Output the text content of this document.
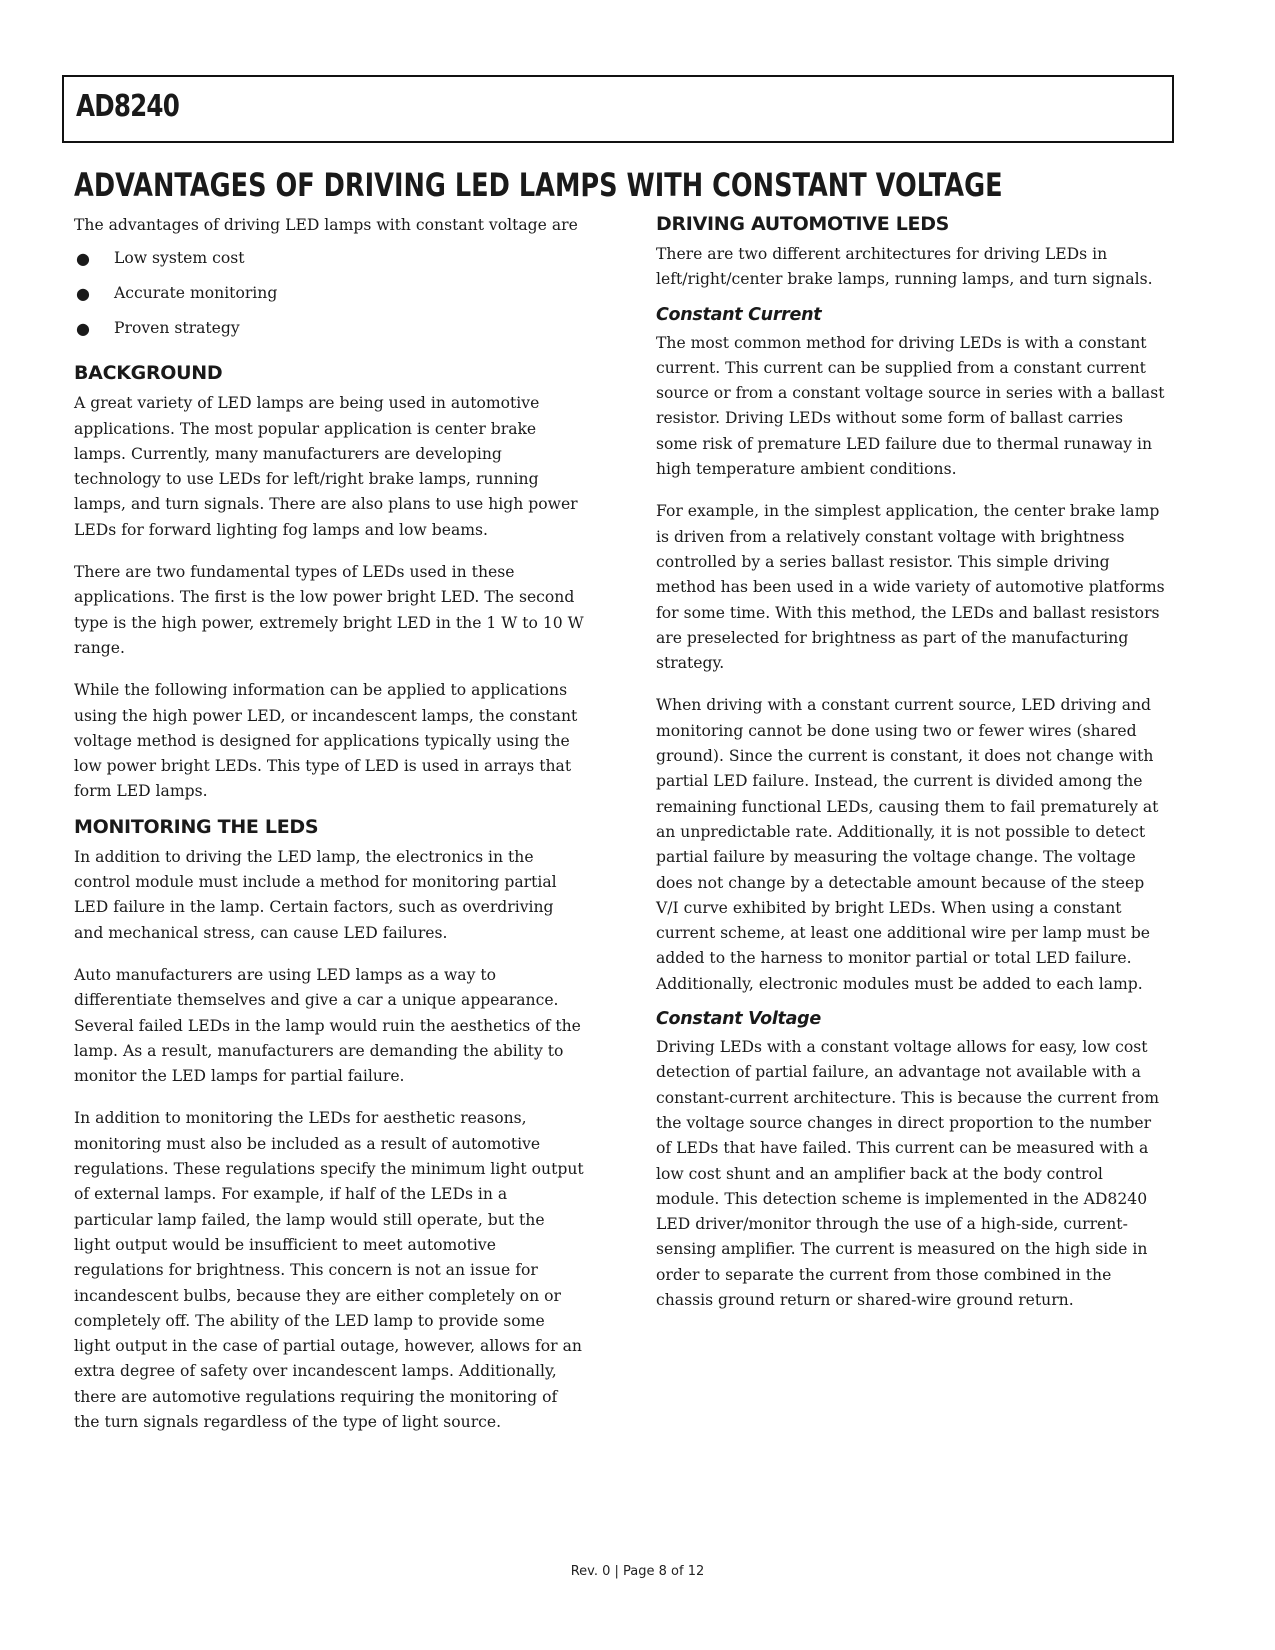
AD8240
ADVANTAGES OF DRIVING LED LAMPS WITH CONSTANT VOLTAGE

The advantages of driving LED lamps with constant voltage are

● Low system cost
● Accurate monitoring
● Proven strategy
BACKGROUND

A great variety of LED lamps are being used in automotive applications. The most popular application is center brake lamps. Currently, many manufacturers are developing technology to use LEDs for left/right brake lamps, running lamps, and turn signals. There are also plans to use high power LEDs for forward lighting fog lamps and low beams.

There are two fundamental types of LEDs used in these applications. The first is the low power bright LED. The second type is the high power, extremely bright LED in the 1 W to 10 W range.

While the following information can be applied to applications using the high power LED, or incandescent lamps, the constant voltage method is designed for applications typically using the low power bright LEDs. This type of LED is used in arrays that form LED lamps.

MONITORING THE LEDS

In addition to driving the LED lamp, the electronics in the control module must include a method for monitoring partial LED failure in the lamp. Certain factors, such as overdriving and mechanical stress, can cause LED failures.

Auto manufacturers are using LED lamps as a way to differentiate themselves and give a car a unique appearance. Several failed LEDs in the lamp would ruin the aesthetics of the lamp. As a result, manufacturers are demanding the ability to monitor the LED lamps for partial failure.

In addition to monitoring the LEDs for aesthetic reasons, monitoring must also be included as a result of automotive regulations. These regulations specify the minimum light output of external lamps. For example, if half of the LEDs in a particular lamp failed, the lamp would still operate, but the light output would be insufficient to meet automotive regulations for brightness. This concern is not an issue for incandescent bulbs, because they are either completely on or completely off. The ability of the LED lamp to provide some light output in the case of partial outage, however, allows for an extra degree of safety over incandescent lamps. Additionally, there are automotive regulations requiring the monitoring of the turn signals regardless of the type of light source.

DRIVING AUTOMOTIVE LEDS

There are two different architectures for driving LEDs in left/right/center brake lamps, running lamps, and turn signals.

Constant Current

The most common method for driving LEDs is with a constant current. This current can be supplied from a constant current source or from a constant voltage source in series with a ballast resistor. Driving LEDs without some form of ballast carries some risk of premature LED failure due to thermal runaway in high temperature ambient conditions.

For example, in the simplest application, the center brake lamp is driven from a relatively constant voltage with brightness controlled by a series ballast resistor. This simple driving method has been used in a wide variety of automotive platforms for some time. With this method, the LEDs and ballast resistors are preselected for brightness as part of the manufacturing strategy.

When driving with a constant current source, LED driving and monitoring cannot be done using two or fewer wires (shared ground). Since the current is constant, it does not change with partial LED failure. Instead, the current is divided among the remaining functional LEDs, causing them to fail prematurely at an unpredictable rate. Additionally, it is not possible to detect partial failure by measuring the voltage change. The voltage does not change by a detectable amount because of the steep V/I curve exhibited by bright LEDs. When using a constant current scheme, at least one additional wire per lamp must be added to the harness to monitor partial or total LED failure. Additionally, electronic modules must be added to each lamp.

Constant Voltage

Driving LEDs with a constant voltage allows for easy, low cost detection of partial failure, an advantage not available with a constant-current architecture. This is because the current from the voltage source changes in direct proportion to the number of LEDs that have failed. This current can be measured with a low cost shunt and an amplifier back at the body control module. This detection scheme is implemented in the AD8240 LED driver/monitor through the use of a high-side, current-sensing amplifier. The current is measured on the high side in order to separate the current from those combined in the chassis ground return or shared-wire ground return.

Rev. 0 | Page 8 of 12
